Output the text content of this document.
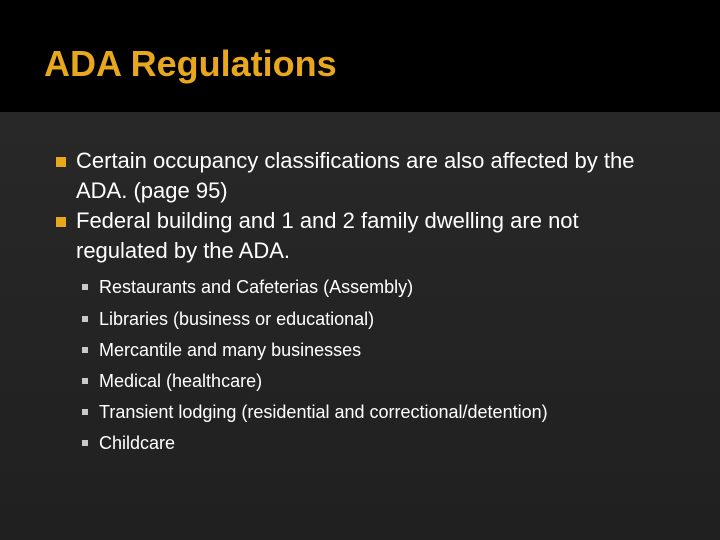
ADA Regulations
Certain occupancy classifications are also affected by the ADA. (page 95)
Federal building and 1 and 2 family dwelling are not regulated by the ADA.
Restaurants and Cafeterias (Assembly)
Libraries (business or educational)
Mercantile and many businesses
Medical (healthcare)
Transient lodging (residential and correctional/detention)
Childcare
